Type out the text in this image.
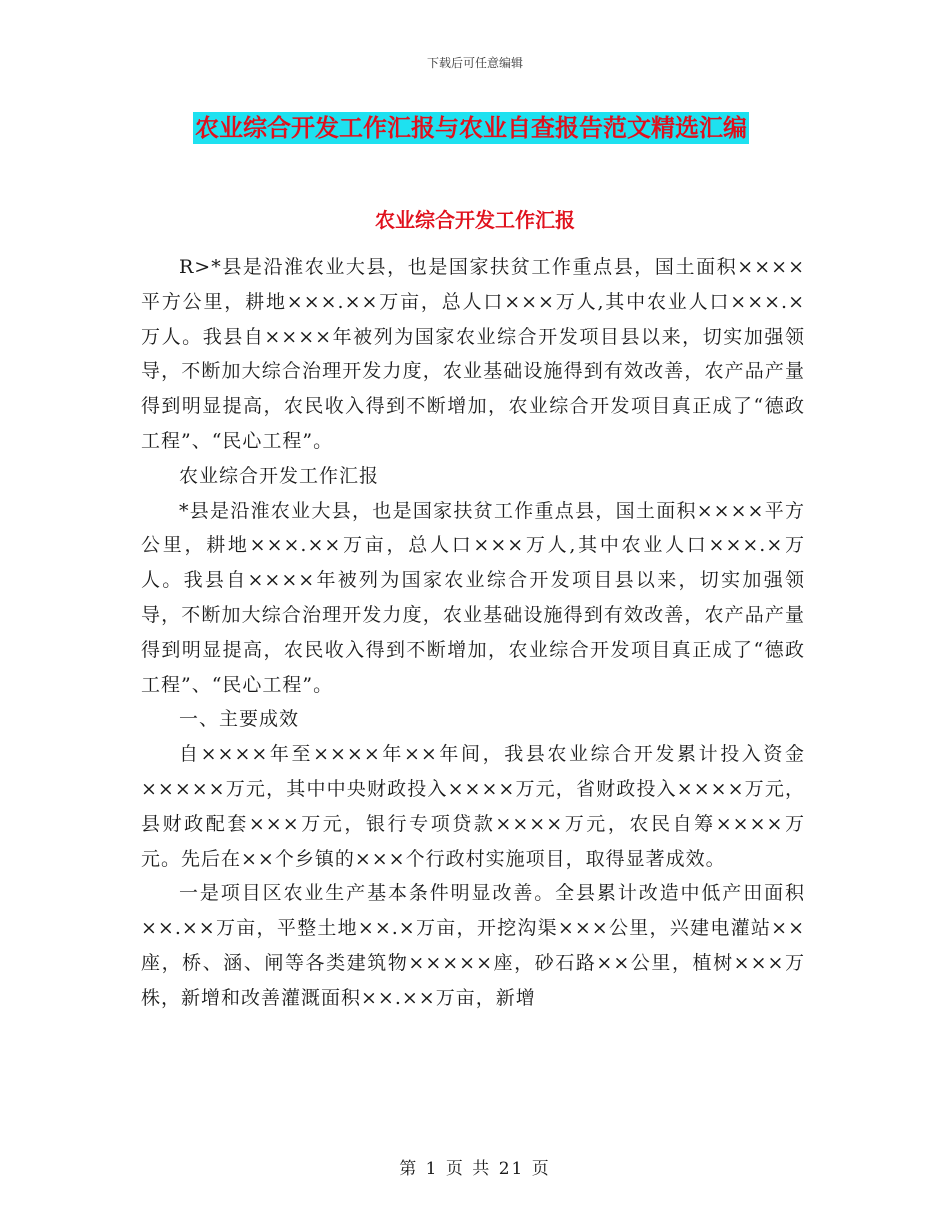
下载后可任意编辑
农业综合开发工作汇报与农业自查报告范文精选汇编
农业综合开发工作汇报

R>*县是沿淮农业大县，也是国家扶贫工作重点县，国土面积××××平方公里，耕地×××.××万亩，总人口×××万人,其中农业人口×××.×万人。我县自××××年被列为国家农业综合开发项目县以来，切实加强领导，不断加大综合治理开发力度，农业基础设施得到有效改善，农产品产量得到明显提高，农民收入得到不断增加，农业综合开发项目真正成了“德政工程”、“民心工程”。

农业综合开发工作汇报

*县是沿淮农业大县，也是国家扶贫工作重点县，国土面积××××平方公里，耕地×××.××万亩，总人口×××万人,其中农业人口×××.×万人。我县自××××年被列为国家农业综合开发项目县以来，切实加强领导，不断加大综合治理开发力度，农业基础设施得到有效改善，农产品产量得到明显提高，农民收入得到不断增加，农业综合开发项目真正成了“德政工程”、“民心工程”。

一、主要成效

自××××年至××××年××年间，我县农业综合开发累计投入资金×××××万元，其中中央财政投入××××万元，省财政投入××××万元，县财政配套×××万元，银行专项贷款××××万元，农民自筹××××万元。先后在××个乡镇的×××个行政村实施项目，取得显著成效。

一是项目区农业生产基本条件明显改善。全县累计改造中低产田面积××.××万亩，平整土地××.×万亩，开挖沟渠×××公里，兴建电灌站××座，桥、涵、闸等各类建筑物×××××座，砂石路××公里，植树×××万株，新增和改善灌溉面积××.××万亩，新增

第 1 页 共 21 页
